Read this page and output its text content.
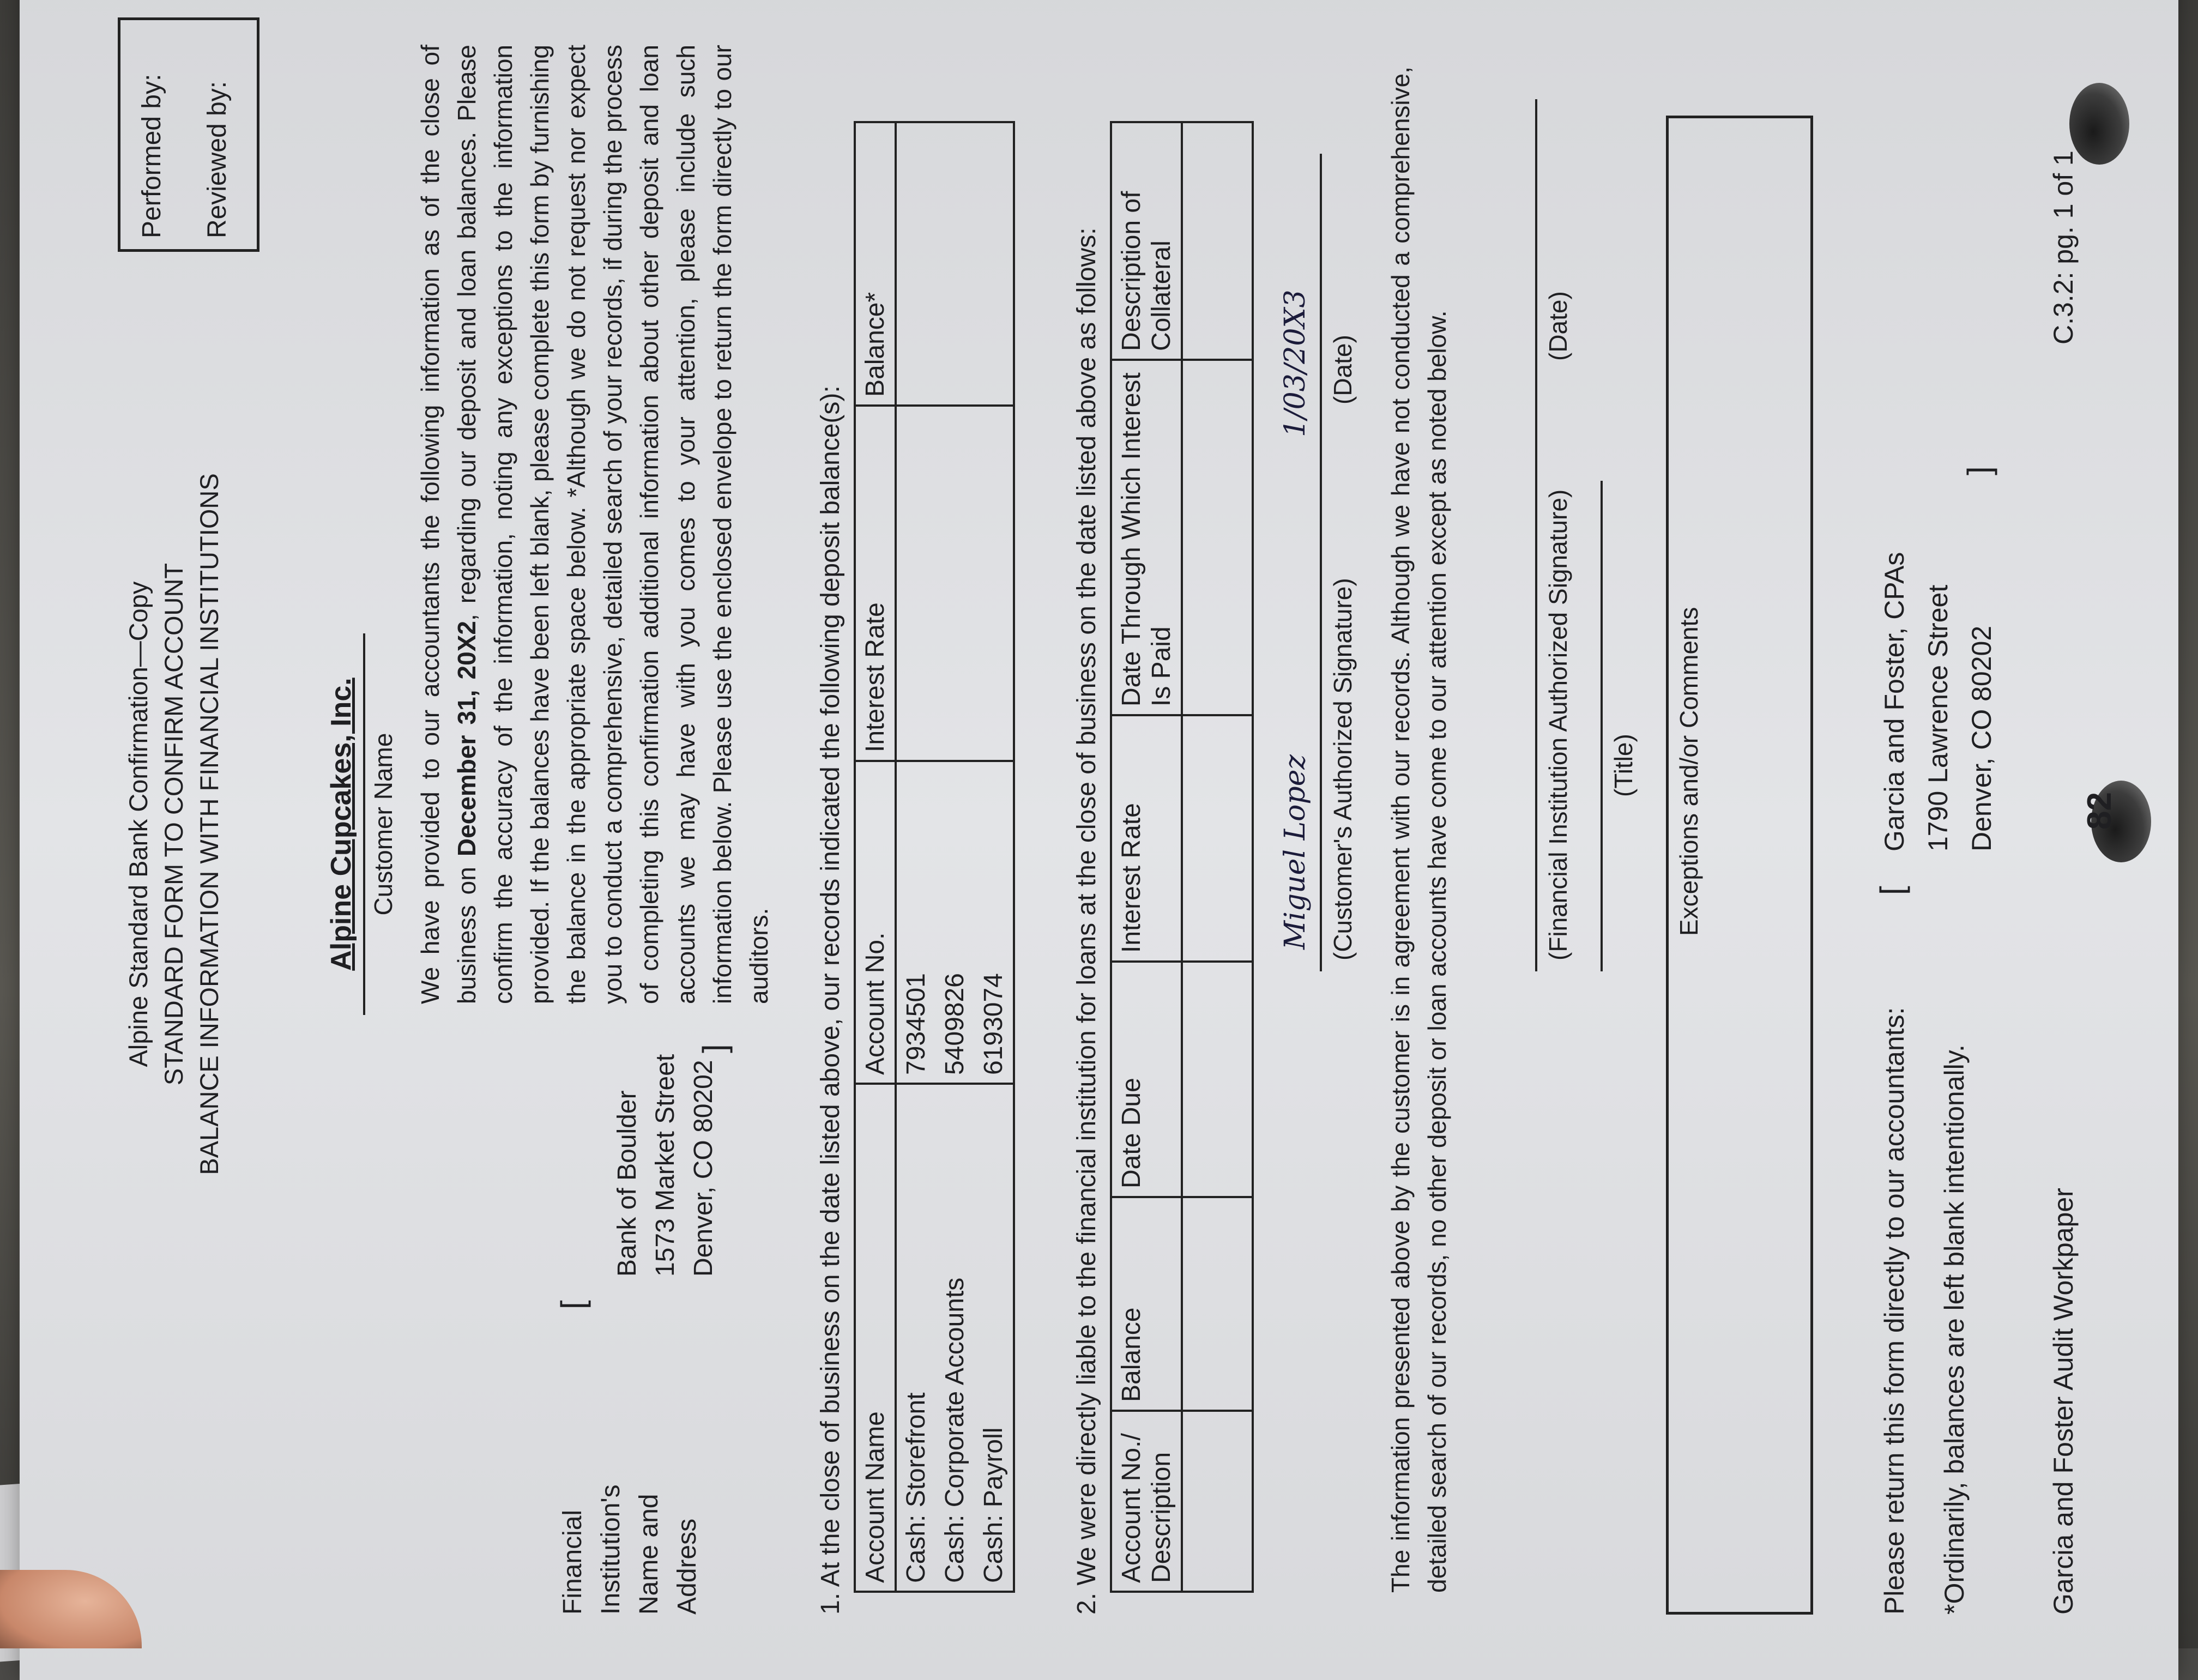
Performed by: Reviewed by:
Alpine Standard Bank Confirmation—Copy STANDARD FORM TO CONFIRM ACCOUNT BALANCE INFORMATION WITH FINANCIAL INSTITUTIONS	Alpine Cupcakes, Inc. Customer Name
Financial Institution's Name and Address
[
Bank of Boulder 1573 Market Street Denver, CO 80202
]
We have provided to our accountants the following information as of the close of business on December 31, 20X2, regarding our deposit and loan balances. Please confirm the accuracy of the information, noting any exceptions to the information provided. If the balances have been left blank, please complete this form by furnishing the balance in the appropriate space below. *Although we do not request nor expect you to conduct a comprehensive, detailed search of your records, if during the process of completing this confirmation additional information about other deposit and loan accounts we may have with you comes to your attention, please include such information below. Please use the enclosed envelope to return the form directly to our auditors. 1. At the close of business on the date listed above, our records indicated the following deposit balance(s): Account Name	Account No.	Interest Rate	Balance*
Cash: Storefront	7934501		
Cash: Corporate Accounts	5409826		
Cash: Payroll	6193074		2. We were directly liable to the financial institution for loans at the close of business on the date listed above as follows: Account No./ Description	Balance	Date Due	Interest Rate	Date Through Which Interest Is Paid	Description of Collateral

Miguel Lopez
1/03/20X3
(Customer's Authorized Signature)
(Date) The information presented above by the customer is in agreement with our records. Although we have not conducted a comprehensive, detailed search of our records, no other deposit or loan accounts have come to our attention except as noted below.	(Financial Institution Authorized Signature)
(Date)
(Title) Exceptions and/or Comments
Please return this form directly to our accountants:
[
Garcia and Foster, CPAs 1790 Lawrence Street Denver, CO 80202
]
*Ordinarily, balances are left blank intentionally.	Garcia and Foster Audit Workpaper
C.3.2: pg. 1 of 1
82
